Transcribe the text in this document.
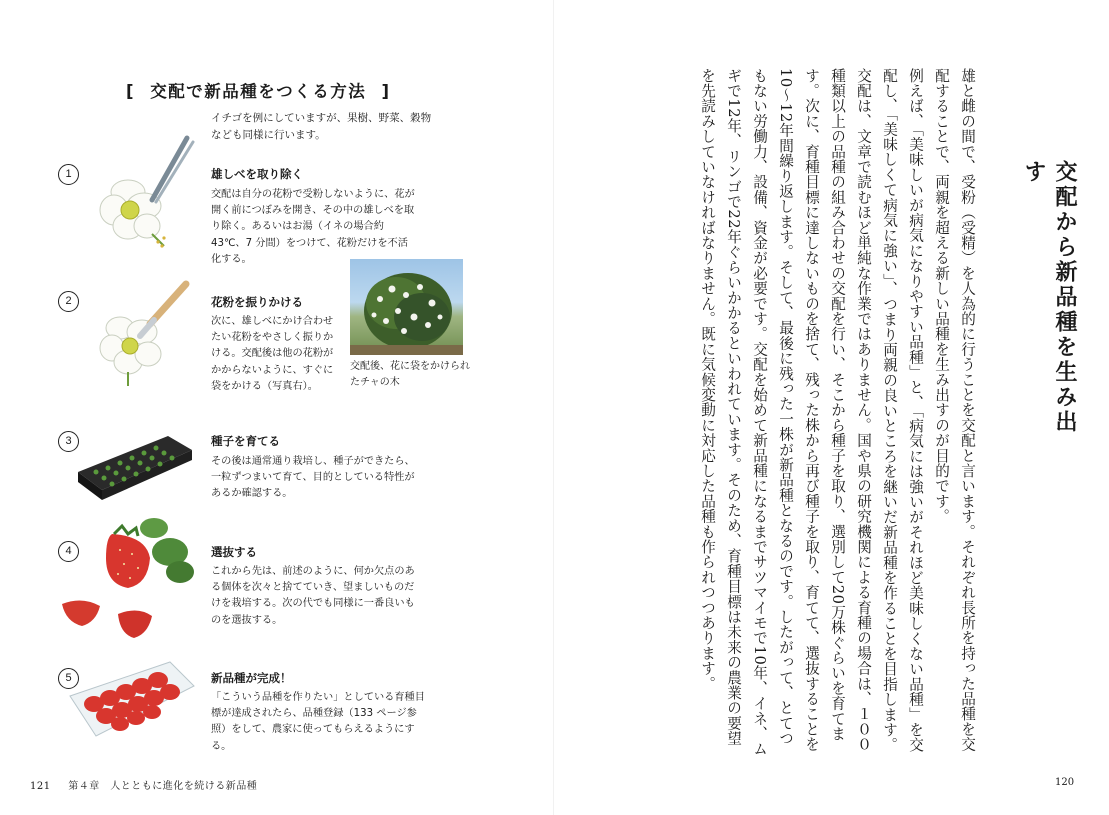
[ 交配で新品種をつくる方法 ]
イチゴを例にしていますが、果樹、野菜、穀物なども同様に行います。
1	雄しべを取り除く
交配は自分の花粉で受粉しないように、花が開く前につぼみを開き、その中の雄しべを取り除く。あるいはお湯（イネの場合約 43℃、7 分間）をつけて、花粉だけを不活化する。
2	花粉を振りかける
次に、雄しべにかけ合わせたい花粉をやさしく振りかける。交配後は他の花粉がかからないように、すぐに袋をかける（写真右）。
交配後、花に袋をかけられたチャの木
3	種子を育てる
その後は通常通り栽培し、種子ができたら、一粒ずつまいて育て、目的としている特性があるか確認する。
4	選抜する
これから先は、前述のように、何か欠点のある個体を次々と捨てていき、望ましいものだけを栽培する。次の代でも同様に一番良いものを選抜する。
5	新品種が完成！
「こういう品種を作りたい」としている育種目標が達成されたら、品種登録（133 ページ参照）をして、農家に使ってもらえるようにする。
121 第４章　人とともに進化を続ける新品種
交配から新品種を生み出す

雄と雌の間で、受粉（受精）を人為的に行うことを交配と言います。それぞれ長所を持った品種を交配することで、両親を超える新しい品種を生み出すのが目的です。

例えば、「美味しいが病気になりやすい品種」と、「病気には強いがそれほど美味しくない品種」を交配し、「美味しくて病気に強い」、つまり両親の良いところを継いだ新品種を作ることを目指します。

交配は、文章で読むほど単純な作業ではありません。国や県の研究機関による育種の場合は、１００種類以上の品種の組み合わせの交配を行い、そこから種子を取り、選別して20万株ぐらいを育てます。次に、育種目標に達しないものを捨て、残った株から再び種子を取り、育てて、選抜することを10～12年間繰り返します。そして、最後に残った一株が新品種となるのです。したがって、とてつもない労働力、設備、資金が必要です。交配を始めて新品種になるまでサツマイモで10年、イネ、ムギで12年、リンゴで22年ぐらいかかるといわれています。そのため、育種目標は未来の農業の要望を先読みしていなければなりません。既に気候変動に対応した品種も作られつつあります。

120
